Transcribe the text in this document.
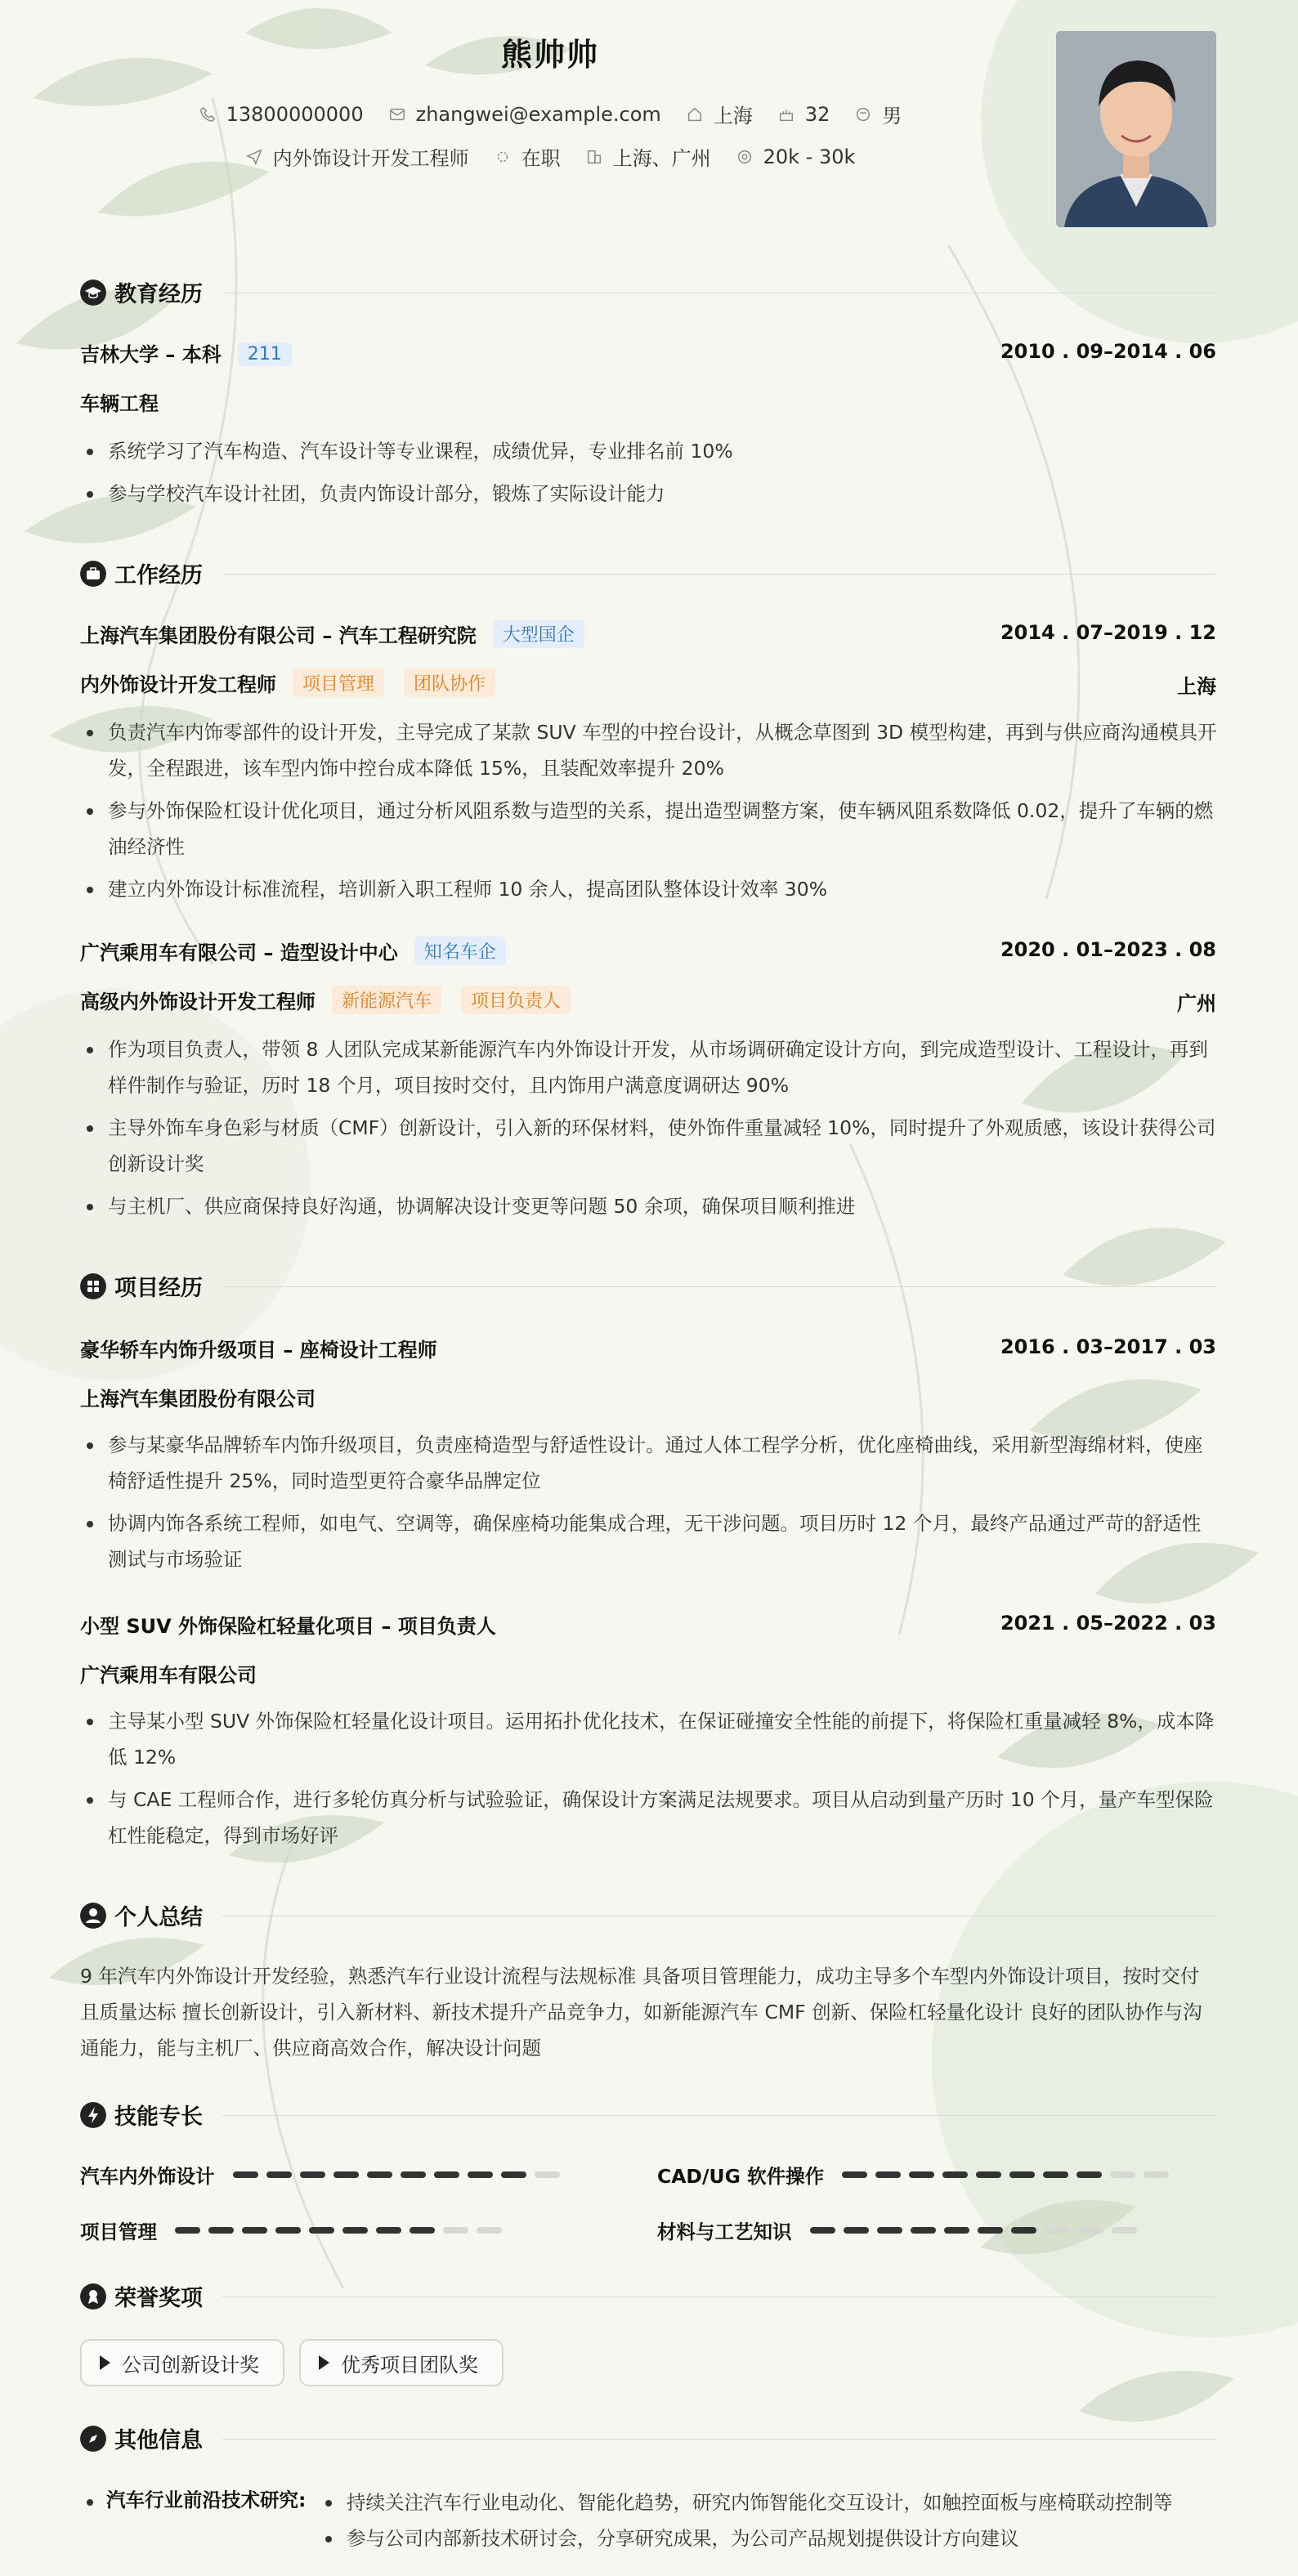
熊帅帅
13800000000	zhangwei@example.com	上海	32	男
内外饰设计开发工程师	在职	上海、广州	20k - 30k
教育经历
吉林大学 – 本科 211	2010 . 09–2014 . 06
车辆工程
系统学习了汽车构造、汽车设计等专业课程，成绩优异，专业排名前 10%
参与学校汽车设计社团，负责内饰设计部分，锻炼了实际设计能力
工作经历
上海汽车集团股份有限公司 – 汽车工程研究院 大型国企	2014 . 07–2019 . 12
内外饰设计开发工程师 项目管理 团队协作	上海
负责汽车内饰零部件的设计开发，主导完成了某款 SUV 车型的中控台设计，从概念草图到 3D 模型构建，再到与供应商沟通模具开发，全程跟进，该车型内饰中控台成本降低 15%，且装配效率提升 20%
参与外饰保险杠设计优化项目，通过分析风阻系数与造型的关系，提出造型调整方案，使车辆风阻系数降低 0.02，提升了车辆的燃油经济性
建立内外饰设计标准流程，培训新入职工程师 10 余人，提高团队整体设计效率 30%
广汽乘用车有限公司 – 造型设计中心 知名车企	2020 . 01–2023 . 08
高级内外饰设计开发工程师 新能源汽车 项目负责人	广州
作为项目负责人，带领 8 人团队完成某新能源汽车内外饰设计开发，从市场调研确定设计方向，到完成造型设计、工程设计，再到样件制作与验证，历时 18 个月，项目按时交付，且内饰用户满意度调研达 90%
主导外饰车身色彩与材质（CMF）创新设计，引入新的环保材料，使外饰件重量减轻 10%，同时提升了外观质感，该设计获得公司创新设计奖
与主机厂、供应商保持良好沟通，协调解决设计变更等问题 50 余项，确保项目顺利推进
项目经历
豪华轿车内饰升级项目 – 座椅设计工程师	2016 . 03–2017 . 03
上海汽车集团股份有限公司
参与某豪华品牌轿车内饰升级项目，负责座椅造型与舒适性设计。通过人体工程学分析，优化座椅曲线，采用新型海绵材料，使座椅舒适性提升 25%，同时造型更符合豪华品牌定位
协调内饰各系统工程师，如电气、空调等，确保座椅功能集成合理，无干涉问题。项目历时 12 个月，最终产品通过严苛的舒适性测试与市场验证
小型 SUV 外饰保险杠轻量化项目 – 项目负责人	2021 . 05–2022 . 03
广汽乘用车有限公司
主导某小型 SUV 外饰保险杠轻量化设计项目。运用拓扑优化技术，在保证碰撞安全性能的前提下，将保险杠重量减轻 8%，成本降低 12%
与 CAE 工程师合作，进行多轮仿真分析与试验验证，确保设计方案满足法规要求。项目从启动到量产历时 10 个月，量产车型保险杠性能稳定，得到市场好评
个人总结
9 年汽车内外饰设计开发经验，熟悉汽车行业设计流程与法规标准 具备项目管理能力，成功主导多个车型内外饰设计项目，按时交付且质量达标 擅长创新设计，引入新材料、新技术提升产品竞争力，如新能源汽车 CMF 创新、保险杠轻量化设计 良好的团队协作与沟通能力，能与主机厂、供应商高效合作，解决设计问题
技能专长
汽车内外饰设计	CAD/UG 软件操作
项目管理	材料与工艺知识
荣誉奖项
公司创新设计奖	优秀项目团队奖
其他信息
汽车行业前沿技术研究:	持续关注汽车行业电动化、智能化趋势，研究内饰智能化交互设计，如触控面板与座椅联动控制等
参与公司内部新技术研讨会，分享研究成果，为公司产品规划提供设计方向建议
